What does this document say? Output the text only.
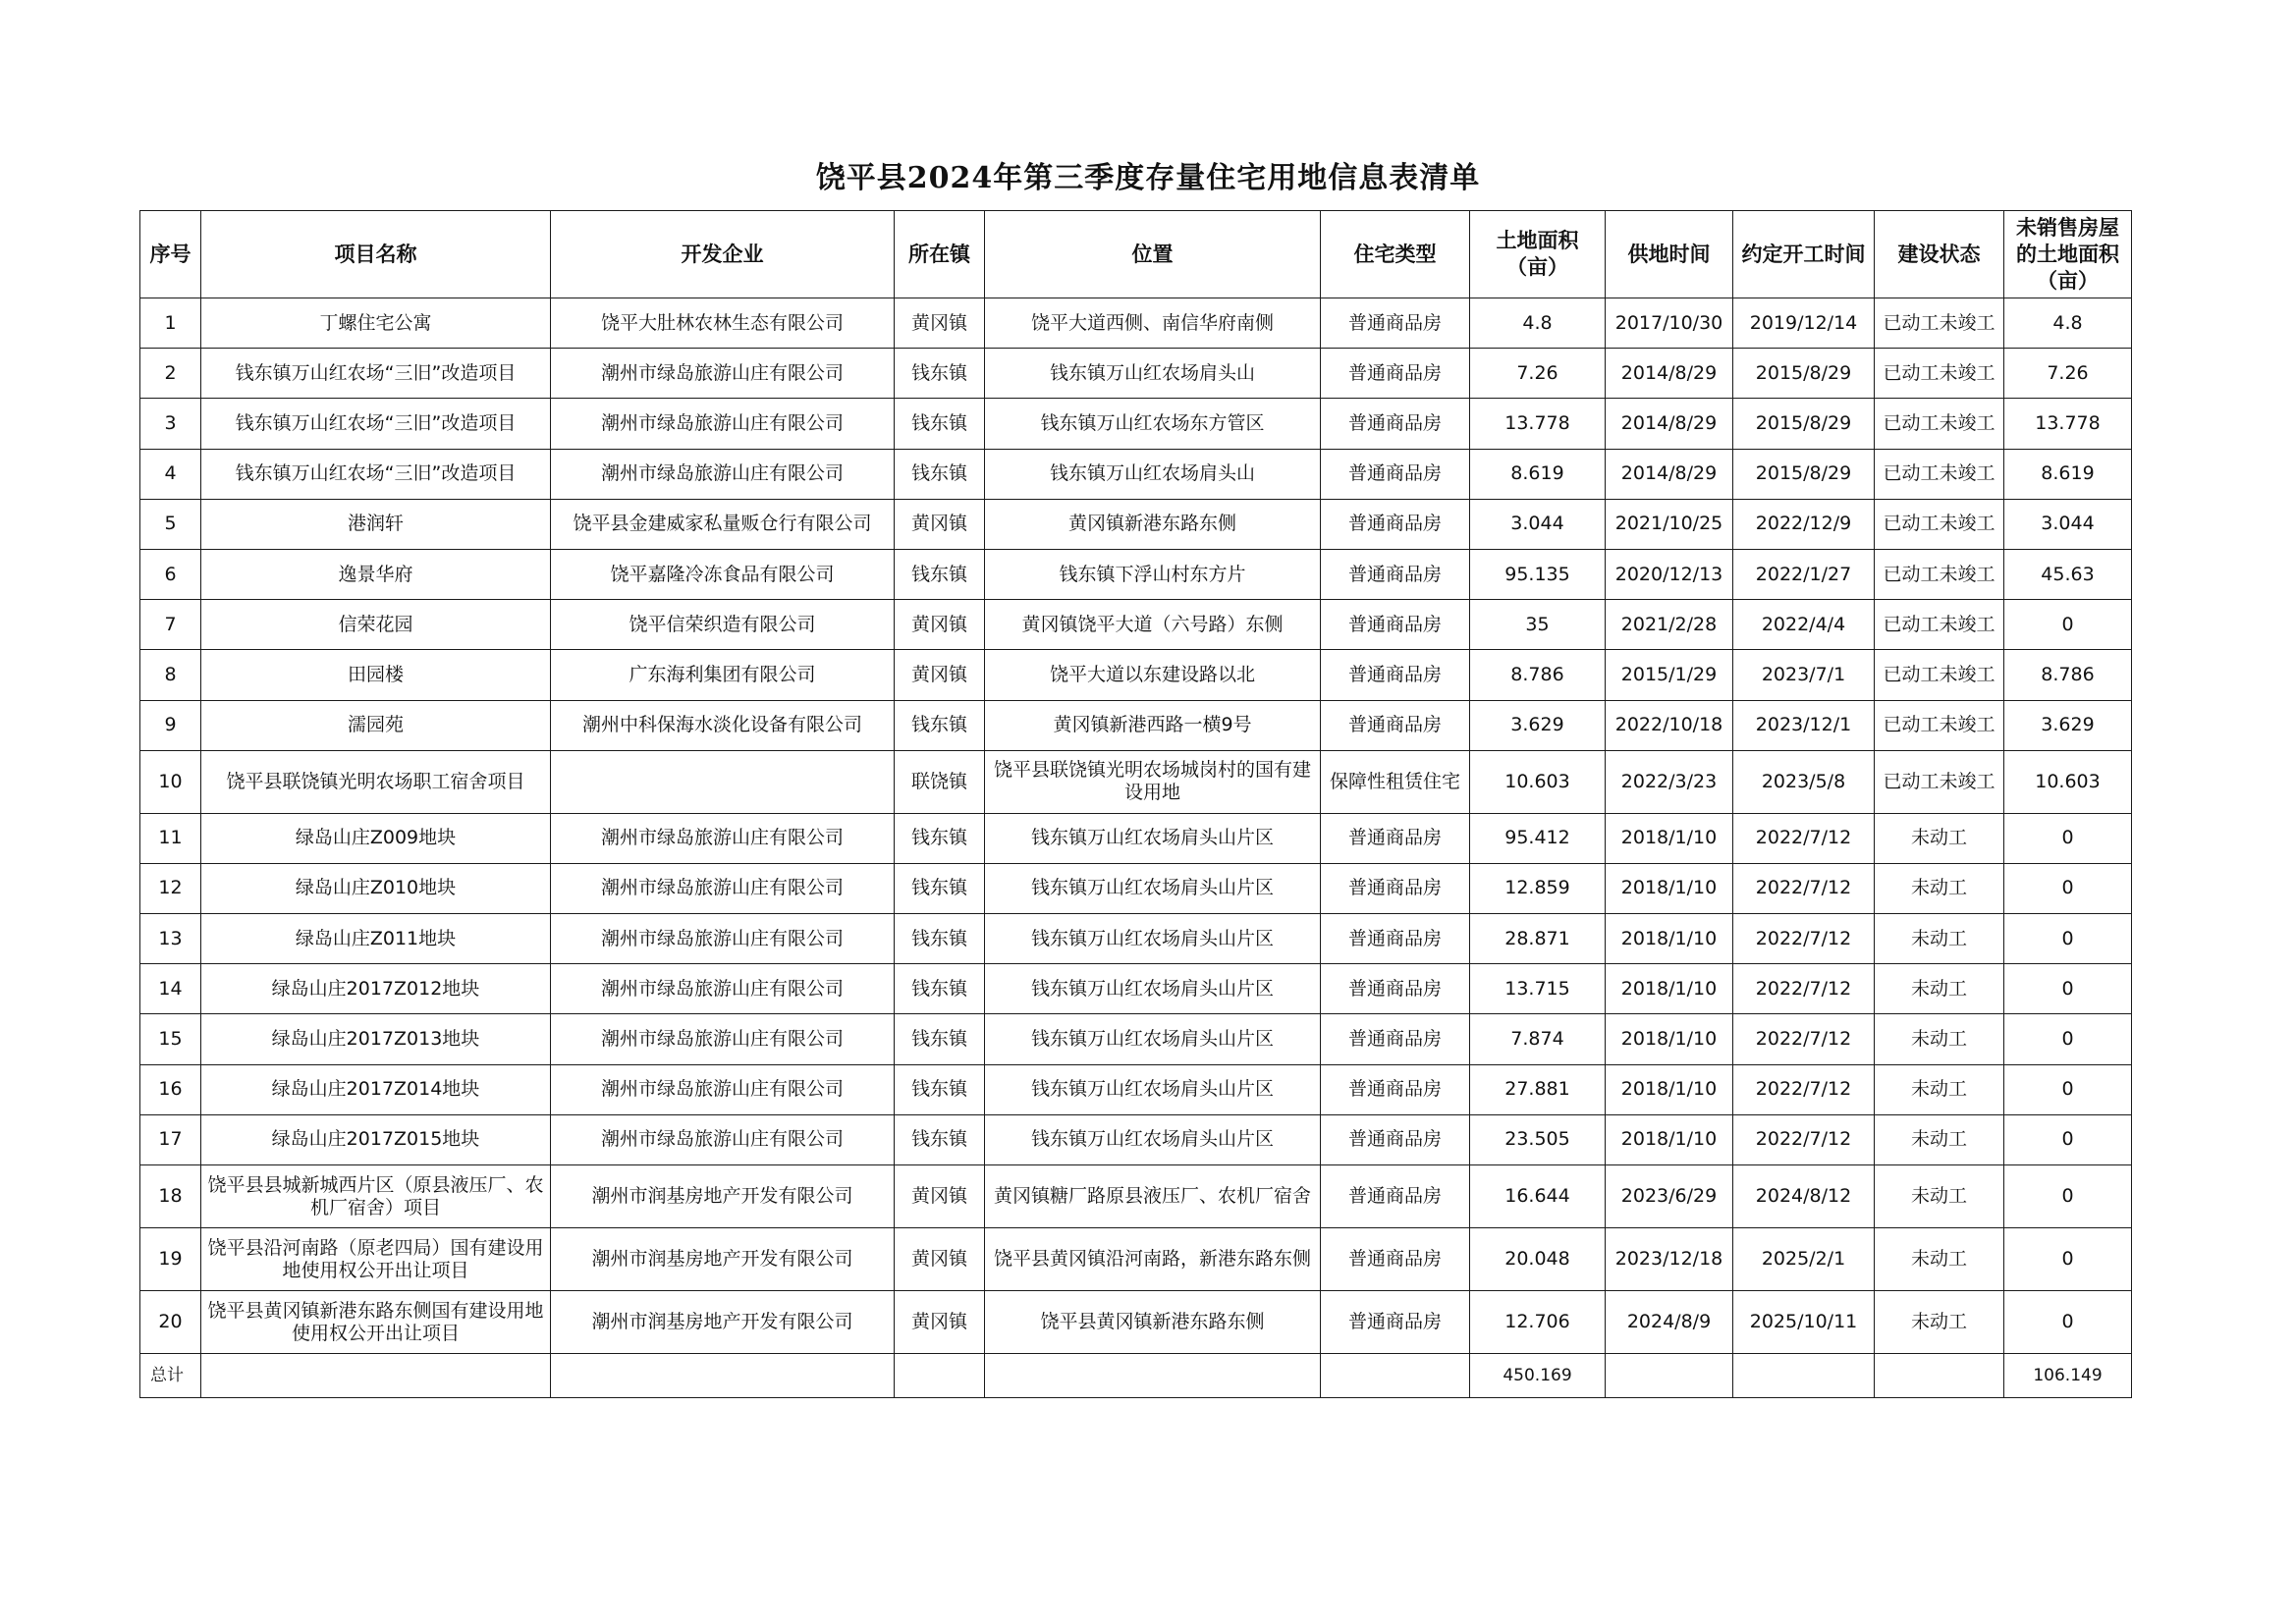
饶平县2024年第三季度存量住宅用地信息表清单
序号	项目名称	开发企业	所在镇	位置	住宅类型	土地面积（亩）	供地时间	约定开工时间	建设状态	未销售房屋的土地面积（亩）
1	丁螺住宅公寓	饶平大肚林农林生态有限公司	黄冈镇	饶平大道西侧、南信华府南侧	普通商品房	4.8	2017/10/30	2019/12/14	已动工未竣工	4.8
2	钱东镇万山红农场“三旧”改造项目	潮州市绿岛旅游山庄有限公司	钱东镇	钱东镇万山红农场肩头山	普通商品房	7.26	2014/8/29	2015/8/29	已动工未竣工	7.26
3	钱东镇万山红农场“三旧”改造项目	潮州市绿岛旅游山庄有限公司	钱东镇	钱东镇万山红农场东方管区	普通商品房	13.778	2014/8/29	2015/8/29	已动工未竣工	13.778
4	钱东镇万山红农场“三旧”改造项目	潮州市绿岛旅游山庄有限公司	钱东镇	钱东镇万山红农场肩头山	普通商品房	8.619	2014/8/29	2015/8/29	已动工未竣工	8.619
5	港润轩	饶平县金建威家私量贩仓行有限公司	黄冈镇	黄冈镇新港东路东侧	普通商品房	3.044	2021/10/25	2022/12/9	已动工未竣工	3.044
6	逸景华府	饶平嘉隆冷冻食品有限公司	钱东镇	钱东镇下浮山村东方片	普通商品房	95.135	2020/12/13	2022/1/27	已动工未竣工	45.63
7	信荣花园	饶平信荣织造有限公司	黄冈镇	黄冈镇饶平大道（六号路）东侧	普通商品房	35	2021/2/28	2022/4/4	已动工未竣工	0
8	田园楼	广东海利集团有限公司	黄冈镇	饶平大道以东建设路以北	普通商品房	8.786	2015/1/29	2023/7/1	已动工未竣工	8.786
9	濡园苑	潮州中科保海水淡化设备有限公司	钱东镇	黄冈镇新港西路一横9号	普通商品房	3.629	2022/10/18	2023/12/1	已动工未竣工	3.629
10	饶平县联饶镇光明农场职工宿舍项目		联饶镇	饶平县联饶镇光明农场城岗村的国有建设用地	保障性租赁住宅	10.603	2022/3/23	2023/5/8	已动工未竣工	10.603
11	绿岛山庄Z009地块	潮州市绿岛旅游山庄有限公司	钱东镇	钱东镇万山红农场肩头山片区	普通商品房	95.412	2018/1/10	2022/7/12	未动工	0
12	绿岛山庄Z010地块	潮州市绿岛旅游山庄有限公司	钱东镇	钱东镇万山红农场肩头山片区	普通商品房	12.859	2018/1/10	2022/7/12	未动工	0
13	绿岛山庄Z011地块	潮州市绿岛旅游山庄有限公司	钱东镇	钱东镇万山红农场肩头山片区	普通商品房	28.871	2018/1/10	2022/7/12	未动工	0
14	绿岛山庄2017Z012地块	潮州市绿岛旅游山庄有限公司	钱东镇	钱东镇万山红农场肩头山片区	普通商品房	13.715	2018/1/10	2022/7/12	未动工	0
15	绿岛山庄2017Z013地块	潮州市绿岛旅游山庄有限公司	钱东镇	钱东镇万山红农场肩头山片区	普通商品房	7.874	2018/1/10	2022/7/12	未动工	0
16	绿岛山庄2017Z014地块	潮州市绿岛旅游山庄有限公司	钱东镇	钱东镇万山红农场肩头山片区	普通商品房	27.881	2018/1/10	2022/7/12	未动工	0
17	绿岛山庄2017Z015地块	潮州市绿岛旅游山庄有限公司	钱东镇	钱东镇万山红农场肩头山片区	普通商品房	23.505	2018/1/10	2022/7/12	未动工	0
18	饶平县县城新城西片区（原县液压厂、农机厂宿舍）项目	潮州市润基房地产开发有限公司	黄冈镇	黄冈镇糖厂路原县液压厂、农机厂宿舍	普通商品房	16.644	2023/6/29	2024/8/12	未动工	0
19	饶平县沿河南路（原老四局）国有建设用地使用权公开出让项目	潮州市润基房地产开发有限公司	黄冈镇	饶平县黄冈镇沿河南路，新港东路东侧	普通商品房	20.048	2023/12/18	2025/2/1	未动工	0
20	饶平县黄冈镇新港东路东侧国有建设用地使用权公开出让项目	潮州市润基房地产开发有限公司	黄冈镇	饶平县黄冈镇新港东路东侧	普通商品房	12.706	2024/8/9	2025/10/11	未动工	0
总计						450.169				106.149
